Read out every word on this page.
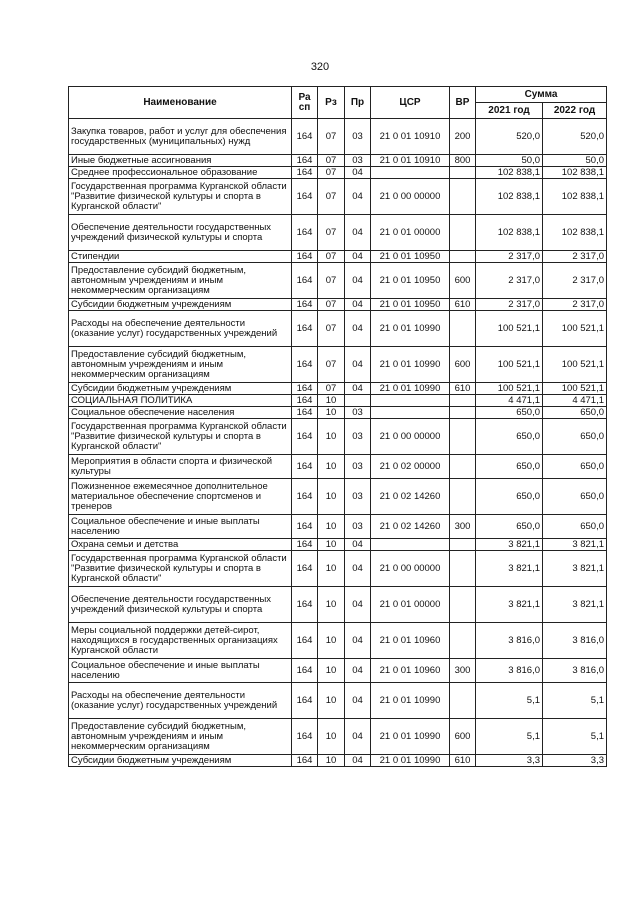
320
Наименование	Ра сп	Рз	Пр	ЦСР	ВР	Сумма	
						2021 год	2022 год
Закупка товаров, работ и услуг для обеспечения государственных (муниципальных) нужд	164	07	03	21 0 01 10910	200	520,0	520,0
Иные бюджетные ассигнования	164	07	03	21 0 01 10910	800	50,0	50,0
Среднее профессиональное образование	164	07	04			102 838,1	102 838,1
Государственная программа Курганской области "Развитие физической культуры и спорта в Курганской области"	164	07	04	21 0 00 00000		102 838,1	102 838,1
Обеспечение деятельности государственных учреждений физической культуры и спорта	164	07	04	21 0 01 00000		102 838,1	102 838,1
Стипендии	164	07	04	21 0 01 10950		2 317,0	2 317,0
Предоставление субсидий бюджетным, автономным учреждениям и иным некоммерческим организациям	164	07	04	21 0 01 10950	600	2 317,0	2 317,0
Субсидии бюджетным учреждениям	164	07	04	21 0 01 10950	610	2 317,0	2 317,0
Расходы на обеспечение деятельности (оказание услуг) государственных учреждений	164	07	04	21 0 01 10990		100 521,1	100 521,1
Предоставление субсидий бюджетным, автономным учреждениям и иным некоммерческим организациям	164	07	04	21 0 01 10990	600	100 521,1	100 521,1
Субсидии бюджетным учреждениям	164	07	04	21 0 01 10990	610	100 521,1	100 521,1
СОЦИАЛЬНАЯ ПОЛИТИКА	164	10				4 471,1	4 471,1
Социальное обеспечение населения	164	10	03			650,0	650,0
Государственная программа Курганской области "Развитие физической культуры и спорта в Курганской области"	164	10	03	21 0 00 00000		650,0	650,0
Мероприятия в области спорта и физической культуры	164	10	03	21 0 02 00000		650,0	650,0
Пожизненное ежемесячное дополнительное материальное обеспечение спортсменов и тренеров	164	10	03	21 0 02 14260		650,0	650,0
Социальное обеспечение и иные выплаты населению	164	10	03	21 0 02 14260	300	650,0	650,0
Охрана семьи и детства	164	10	04			3 821,1	3 821,1
Государственная программа Курганской области "Развитие физической культуры и спорта в Курганской области"	164	10	04	21 0 00 00000		3 821,1	3 821,1
Обеспечение деятельности государственных учреждений физической культуры и спорта	164	10	04	21 0 01 00000		3 821,1	3 821,1
Меры социальной поддержки детей-сирот, находящихся в государственных организациях Курганской области	164	10	04	21 0 01 10960		3 816,0	3 816,0
Социальное обеспечение и иные выплаты населению	164	10	04	21 0 01 10960	300	3 816,0	3 816,0
Расходы на обеспечение деятельности (оказание услуг) государственных учреждений	164	10	04	21 0 01 10990		5,1	5,1
Предоставление субсидий бюджетным, автономным учреждениям и иным некоммерческим организациям	164	10	04	21 0 01 10990	600	5,1	5,1
Субсидии бюджетным учреждениям	164	10	04	21 0 01 10990	610	3,3	3,3
